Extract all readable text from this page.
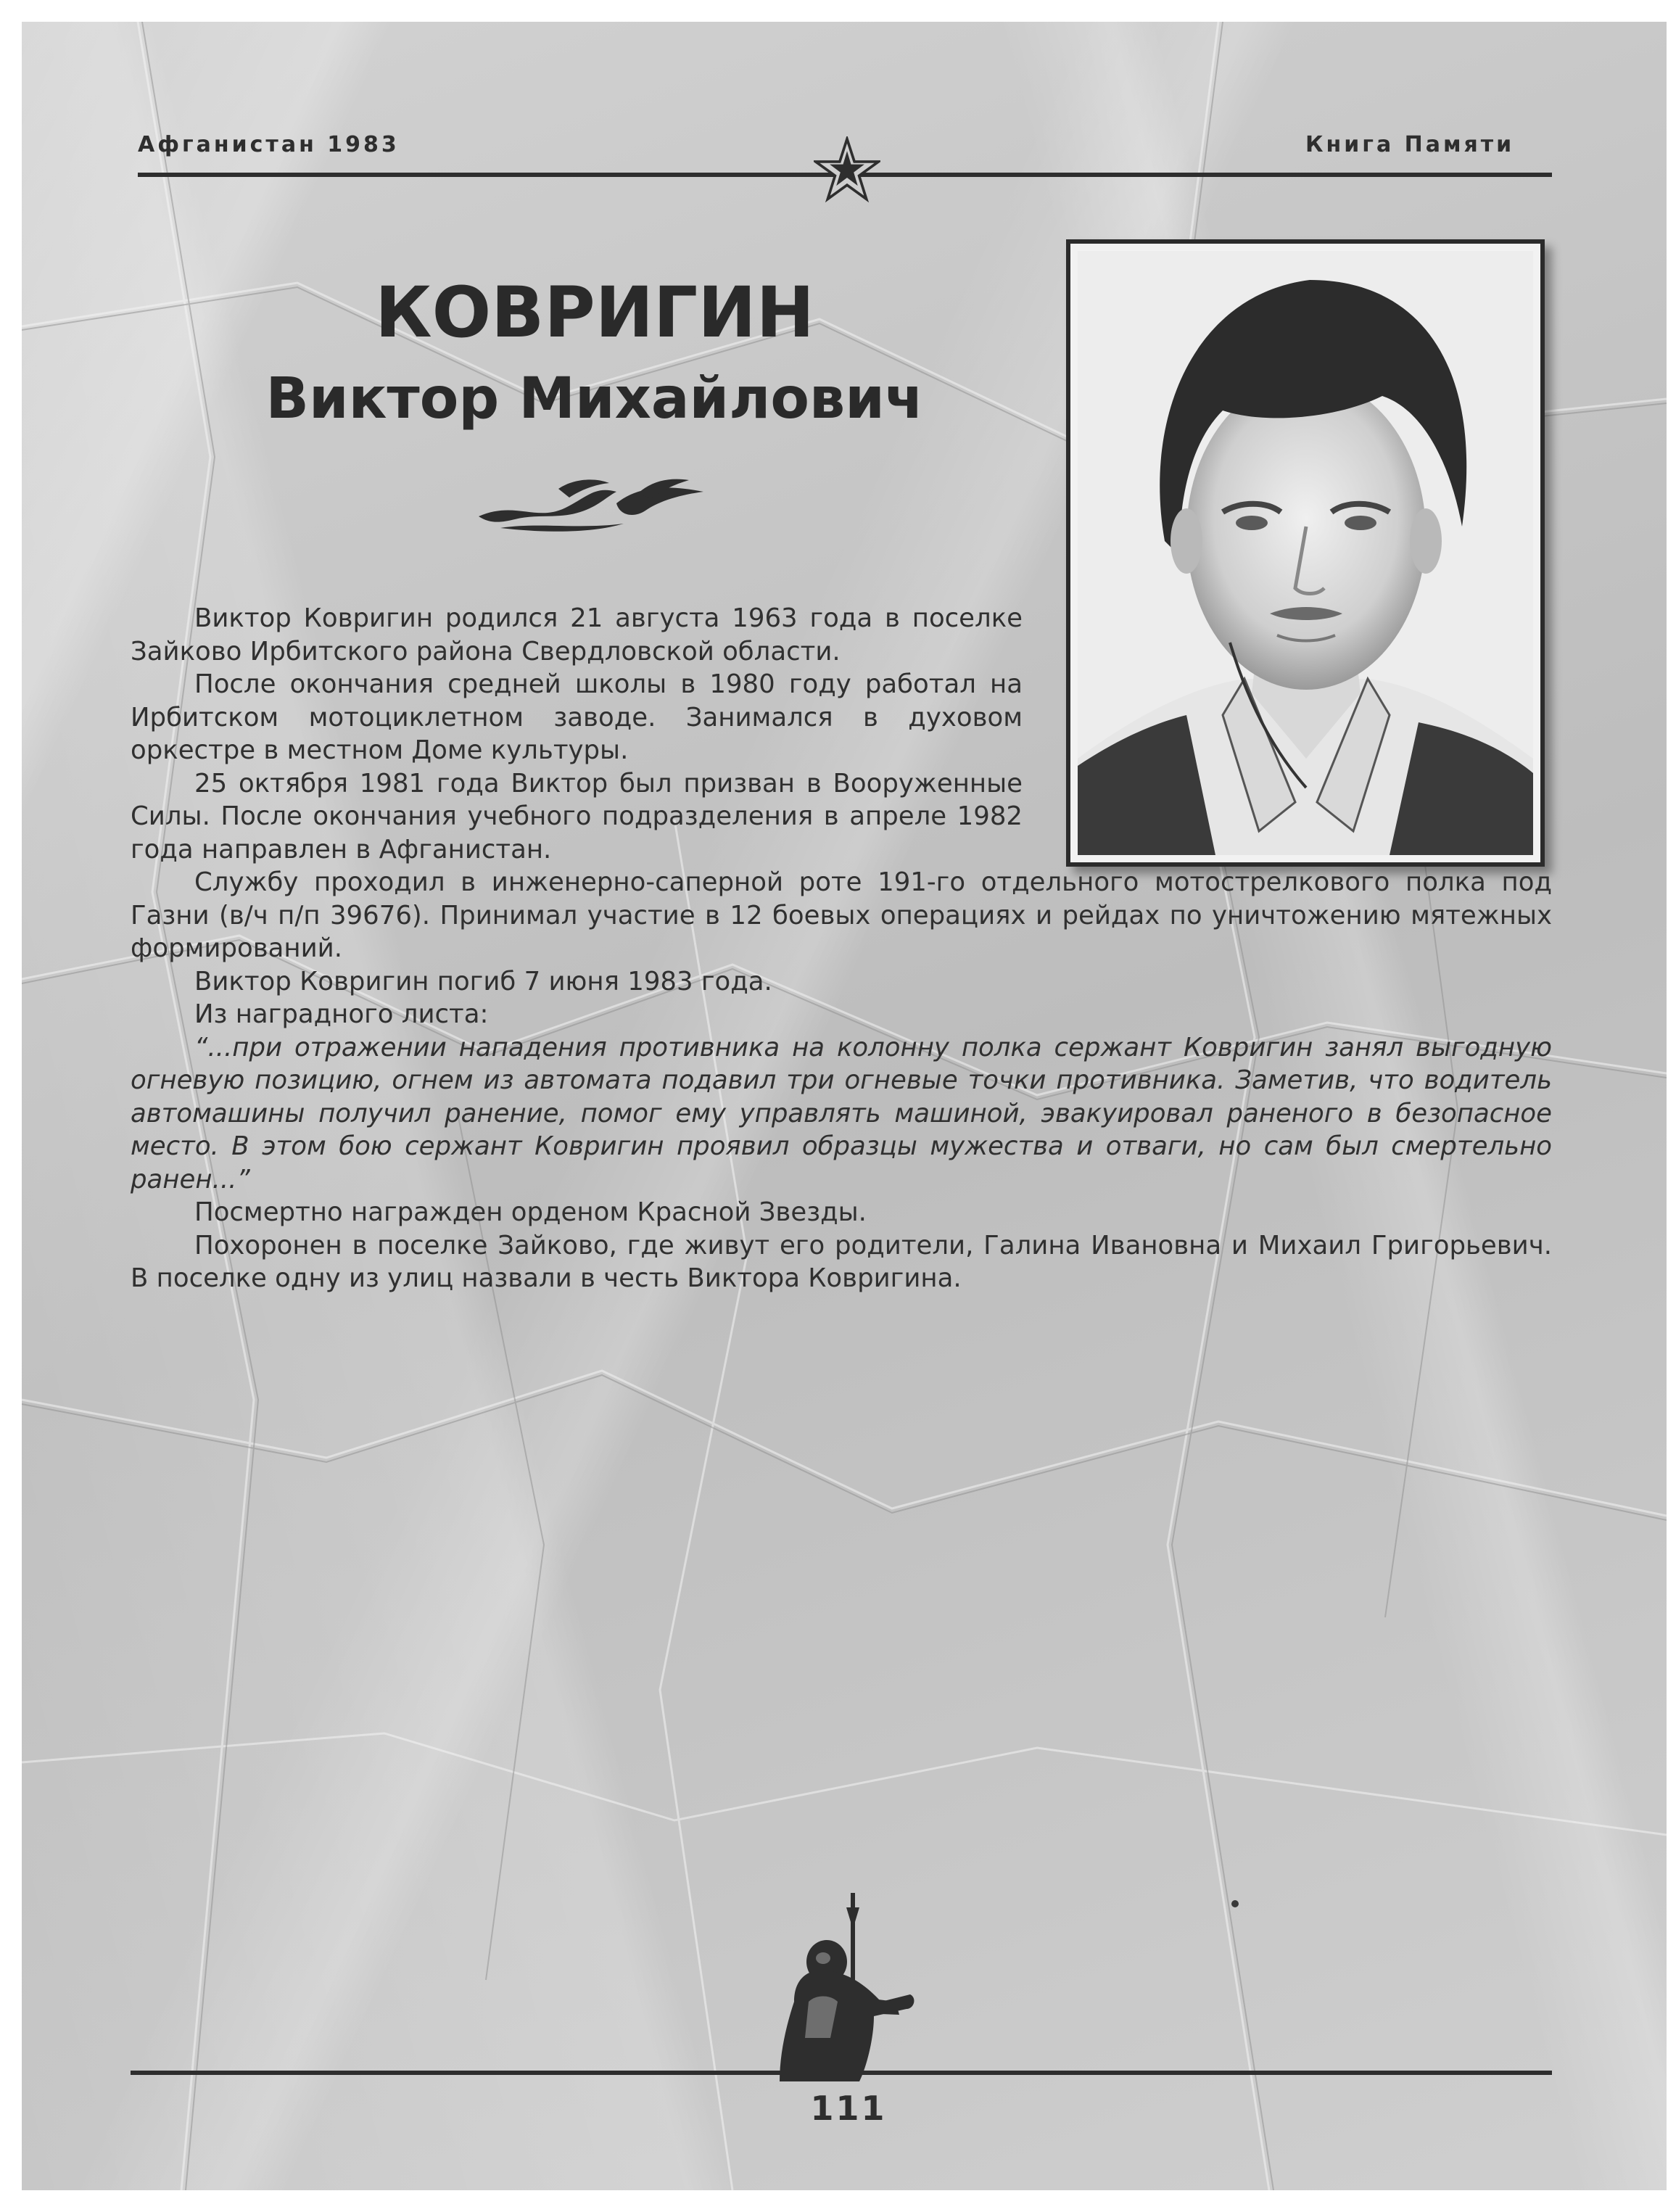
Афганистан 1983	Книга Памяти
КОВРИГИН
Виктор Михайлович

Виктор Ковригин родился 21 августа 1963 года в поселке Зайково Ирбитского района Свердловской области.

После окончания средней школы в 1980 году работал на Ирбитском мотоциклетном заводе. Занимался в духовом оркестре в местном Доме культуры.

25 октября 1981 года Виктор был призван в Вооруженные Силы. После окончания учебного подразделения в апреле 1982 года направлен в Афганистан.

Службу проходил в инженерно-саперной роте 191-го отдельного мотострелкового полка под Газни (в/ч п/п 39676). Принимал участие в 12 боевых операциях и рейдах по уничтожению мятежных формирований.

Виктор Ковригин погиб 7 июня 1983 года.

Из наградного листа:

“...при отражении нападения противника на колонну полка сержант Ковригин занял выгодную огневую позицию, огнем из автомата подавил три огневые точки противника. Заметив, что водитель автомашины получил ранение, помог ему управлять машиной, эвакуировал раненого в безопасное место. В этом бою сержант Ковригин проявил образцы мужества и отваги, но сам был смертельно ранен...”

Посмертно награжден орденом Красной Звезды.

Похоронен в поселке Зайково, где живут его родители, Галина Ивановна и Михаил Григорьевич. В поселке одну из улиц назвали в честь Виктора Ковригина.

111
